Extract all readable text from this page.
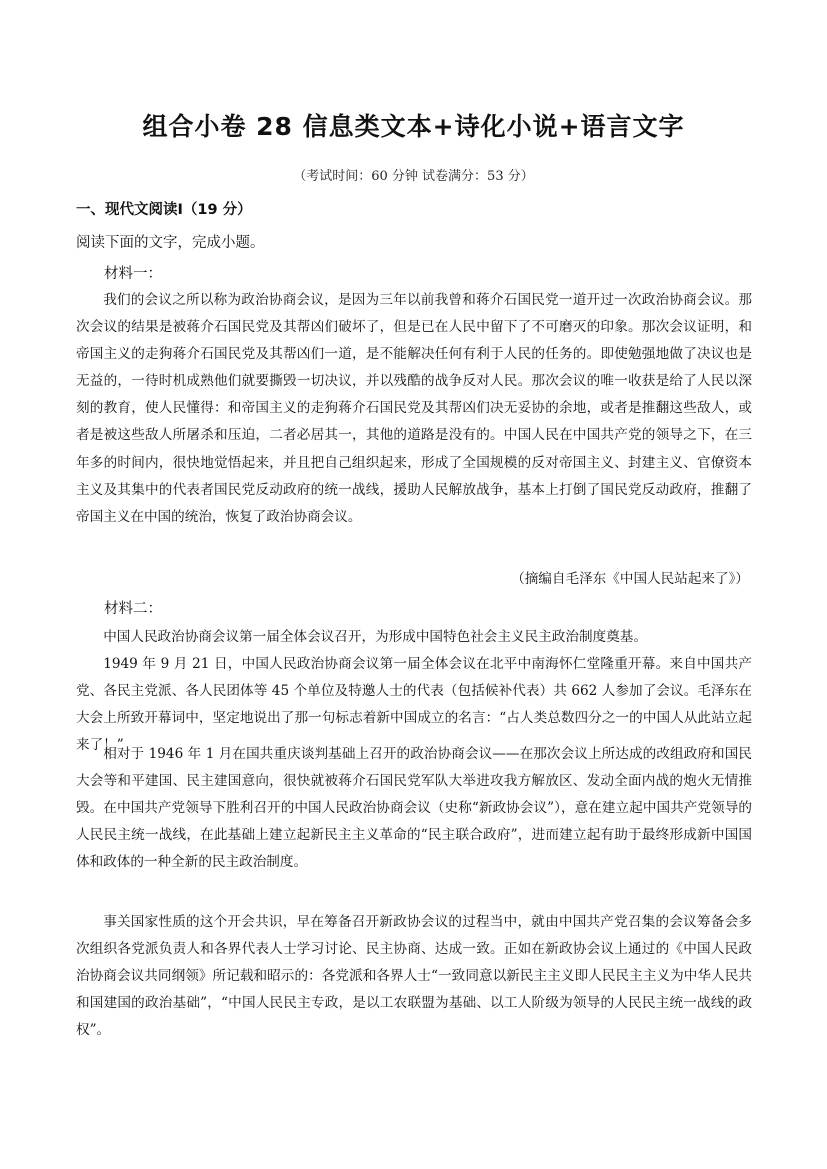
组合小卷 28 信息类文本+诗化小说+语言文字
（考试时间：60 分钟 试卷满分：53 分）
一、现代文阅读Ⅰ（19 分）
阅读下面的文字，完成小题。
材料一：

我们的会议之所以称为政治协商会议，是因为三年以前我曾和蒋介石国民党一道开过一次政治协商会议。那次会议的结果是被蒋介石国民党及其帮凶们破坏了，但是已在人民中留下了不可磨灭的印象。那次会议证明，和帝国主义的走狗蒋介石国民党及其帮凶们一道，是不能解决任何有利于人民的任务的。即使勉强地做了决议也是无益的，一待时机成熟他们就要撕毁一切决议，并以残酷的战争反对人民。那次会议的唯一收获是给了人民以深刻的教育，使人民懂得：和帝国主义的走狗蒋介石国民党及其帮凶们决无妥协的余地，或者是推翻这些敌人，或者是被这些敌人所屠杀和压迫，二者必居其一，其他的道路是没有的。中国人民在中国共产党的领导之下，在三年多的时间内，很快地觉悟起来，并且把自己组织起来，形成了全国规模的反对帝国主义、封建主义、官僚资本主义及其集中的代表者国民党反动政府的统一战线，援助人民解放战争，基本上打倒了国民党反动政府，推翻了帝国主义在中国的统治，恢复了政治协商会议。

（摘编自毛泽东《中国人民站起来了》）
材料二：

中国人民政治协商会议第一届全体会议召开，为形成中国特色社会主义民主政治制度奠基。

1949 年 9 月 21 日，中国人民政治协商会议第一届全体会议在北平中南海怀仁堂隆重开幕。来自中国共产党、各民主党派、各人民团体等 45 个单位及特邀人士的代表（包括候补代表）共 662 人参加了会议。毛泽东在大会上所致开幕词中，坚定地说出了那一句标志着新中国成立的名言：“占人类总数四分之一的中国人从此站立起来了！”

相对于 1946 年 1 月在国共重庆谈判基础上召开的政治协商会议——在那次会议上所达成的改组政府和国民大会等和平建国、民主建国意向，很快就被蒋介石国民党军队大举进攻我方解放区、发动全面内战的炮火无情推毁。在中国共产党领导下胜利召开的中国人民政治协商会议（史称“新政协会议”），意在建立起中国共产党领导的人民民主统一战线，在此基础上建立起新民主主义革命的“民主联合政府”，进而建立起有助于最终形成新中国国体和政体的一种全新的民主政治制度。

事关国家性质的这个开会共识，早在筹备召开新政协会议的过程当中，就由中国共产党召集的会议筹备会多次组织各党派负责人和各界代表人士学习讨论、民主协商、达成一致。正如在新政协会议上通过的《中国人民政治协商会议共同纲领》所记载和昭示的：各党派和各界人士“一致同意以新民主主义即人民民主主义为中华人民共和国建国的政治基础”，“中国人民民主专政，是以工农联盟为基础、以工人阶级为领导的人民民主统一战线的政权”。
